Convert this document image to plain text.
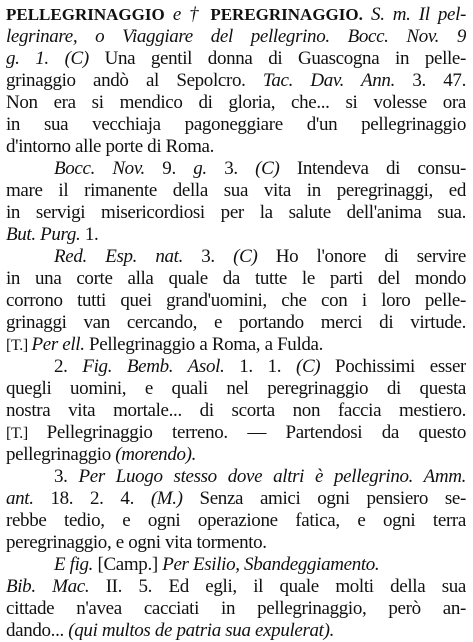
PELLEGRINAGGIO e † PEREGRINAGGIO. S. m. Il pel-
legrinare, o Viaggiare del pellegrino. Bocc. Nov. 9
g. 1. (C) Una gentil donna di Guascogna in pelle-
grinaggio andò al Sepolcro. Tac. Dav. Ann. 3. 47.
Non era si mendico di gloria, che... si volesse ora
in sua vecchiaja pagoneggiare d'un pellegrinaggio
d'intorno alle porte di Roma.
Bocc. Nov. 9. g. 3. (C) Intendeva di consu-
mare il rimanente della sua vita in peregrinaggi, ed
in servigi misericordiosi per la salute dell'anima sua.
But. Purg. 1.
Red. Esp. nat. 3. (C) Ho l'onore di servire
in una corte alla quale da tutte le parti del mondo
corrono tutti quei grand'uomini, che con i loro pelle-
grinaggi van cercando, e portando merci di virtude.
[T.] Per ell. Pellegrinaggio a Roma, a Fulda.
2. Fig. Bemb. Asol. 1. 1. (C) Pochissimi esser
quegli uomini, e quali nel peregrinaggio di questa
nostra vita mortale... di scorta non faccia mestiero.
[T.] Pellegrinaggio terreno. — Partendosi da questo
pellegrinaggio (morendo).
3. Per Luogo stesso dove altri è pellegrino. Amm.
ant. 18. 2. 4. (M.) Senza amici ogni pensiero se-
rebbe tedio, e ogni operazione fatica, e ogni terra
peregrinaggio, e ogni vita tormento.
E fig. [Camp.] Per Esilio, Sbandeggiamento.
Bib. Mac. II. 5. Ed egli, il quale molti della sua
cittade n'avea cacciati in pellegrinaggio, però an-
dando... (qui multos de patria sua expulerat).
